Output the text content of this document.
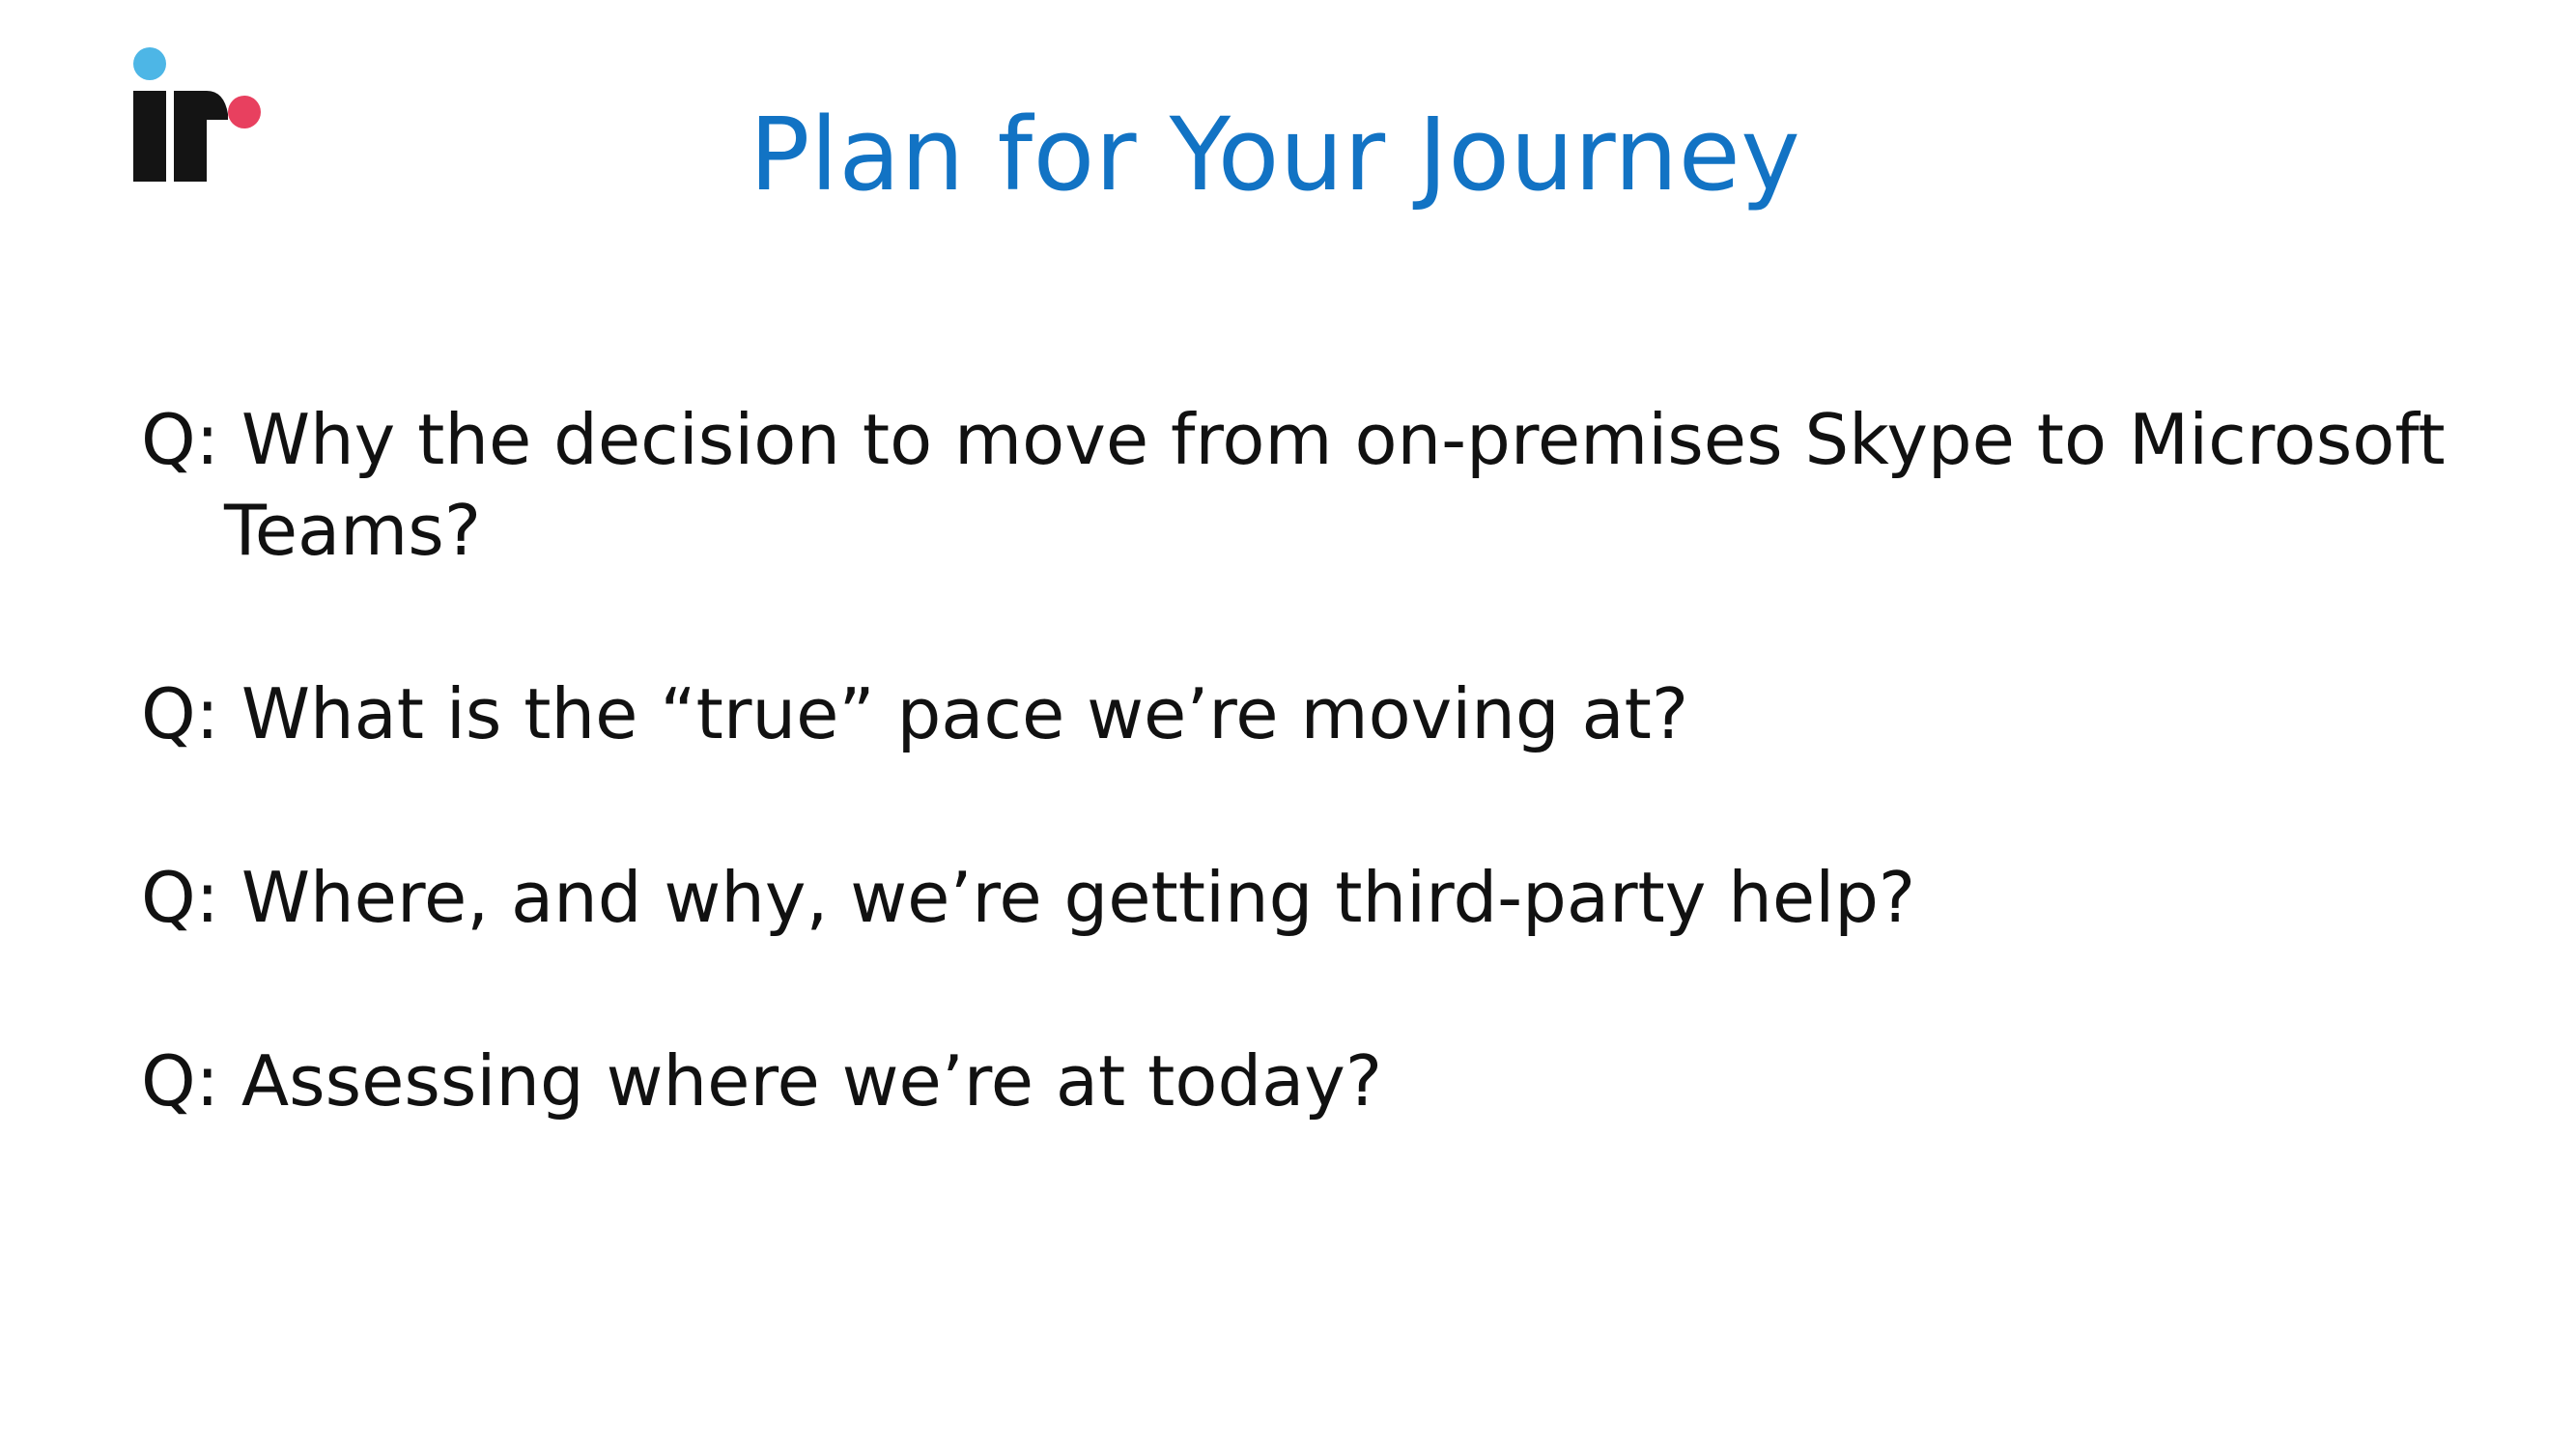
Plan for Your Journey
Q: Why the decision to move from on-premises Skype to Microsoft Teams?
Q: What is the “true” pace we’re moving at?
Q: Where, and why, we’re getting third-party help?
Q: Assessing where we’re at today?
